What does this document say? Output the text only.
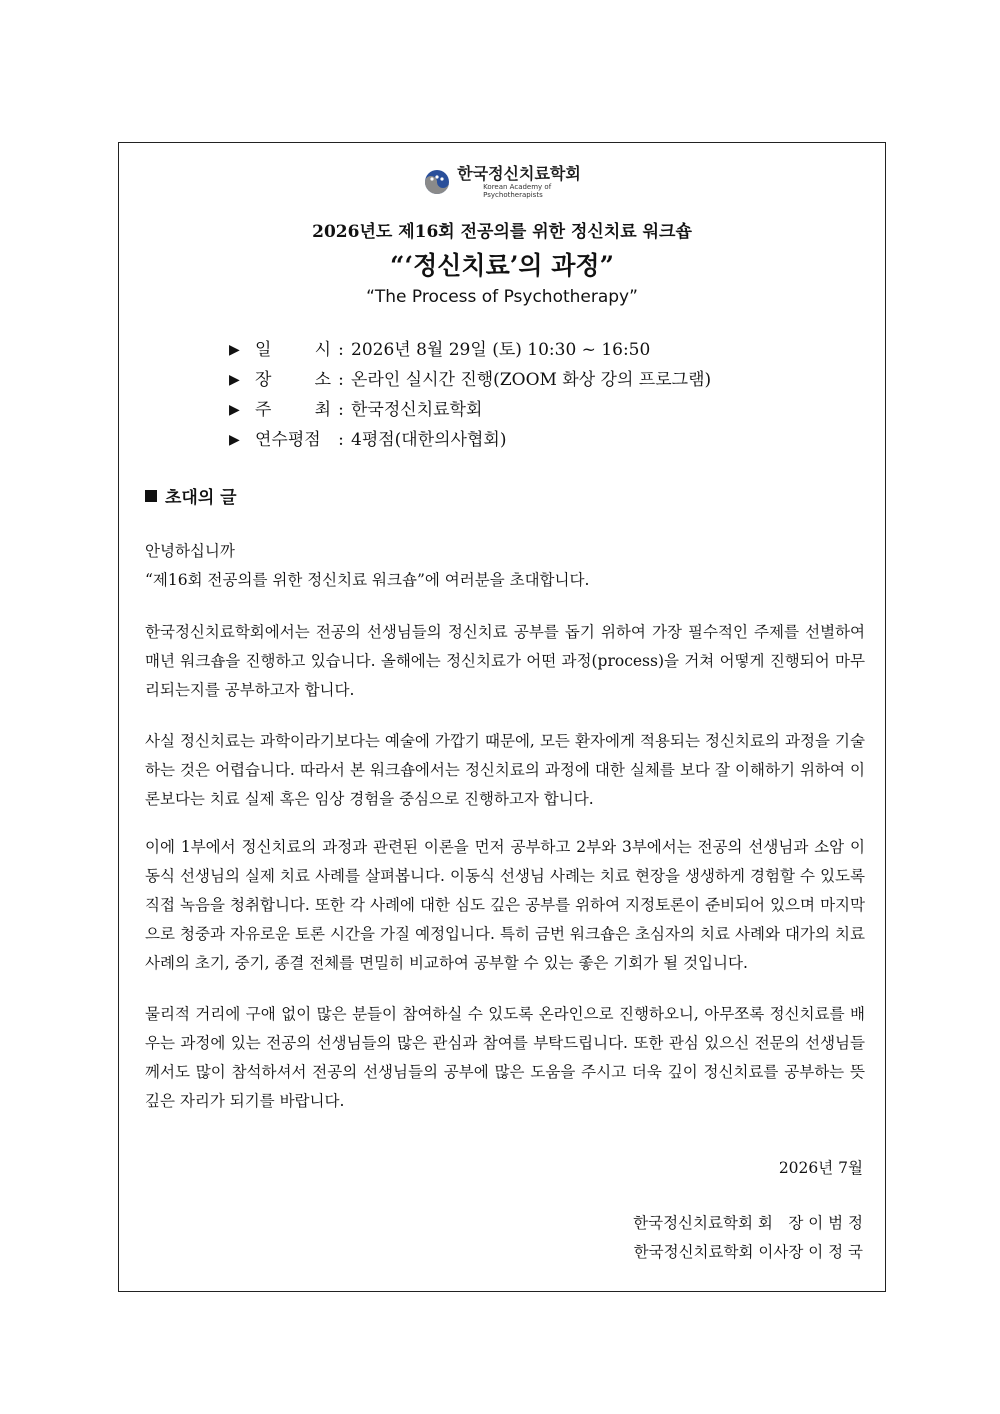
한국정신치료학회
Korean Academy of
Psychotherapists
2026년도 제16회 전공의를 위한 정신치료 워크숍
“‘정신치료’의 과정”
“The Process of Psychotherapy”
▶ 일	시 : 2026년 8월 29일 (토) 10:30 ~ 16:50
▶ 장	소 : 온라인 실시간 진행(ZOOM 화상 강의 프로그램)
▶ 주	최 : 한국정신치료학회
▶ 연수평점	: 4평점(대한의사협회)
초대의 글

안녕하십니까

“제16회 전공의를 위한 정신치료 워크숍”에 여러분을 초대합니다.

한국정신치료학회에서는 전공의 선생님들의 정신치료 공부를 돕기 위하여 가장 필수적인 주제를 선별하여 매년 워크숍을 진행하고 있습니다. 올해에는 정신치료가 어떤 과정(process)을 거쳐 어떻게 진행되어 마무리되는지를 공부하고자 합니다.
사실 정신치료는 과학이라기보다는 예술에 가깝기 때문에, 모든 환자에게 적용되는 정신치료의 과정을 기술하는 것은 어렵습니다. 따라서 본 워크숍에서는 정신치료의 과정에 대한 실체를 보다 잘 이해하기 위하여 이론보다는 치료 실제 혹은 임상 경험을 중심으로 진행하고자 합니다.
이에 1부에서 정신치료의 과정과 관련된 이론을 먼저 공부하고 2부와 3부에서는 전공의 선생님과 소암 이동식 선생님의 실제 치료 사례를 살펴봅니다. 이동식 선생님 사례는 치료 현장을 생생하게 경험할 수 있도록 직접 녹음을 청취합니다. 또한 각 사례에 대한 심도 깊은 공부를 위하여 지정토론이 준비되어 있으며 마지막으로 청중과 자유로운 토론 시간을 가질 예정입니다. 특히 금번 워크숍은 초심자의 치료 사례와 대가의 치료 사례의 초기, 중기, 종결 전체를 면밀히 비교하여 공부할 수 있는 좋은 기회가 될 것입니다.
물리적 거리에 구애 없이 많은 분들이 참여하실 수 있도록 온라인으로 진행하오니, 아무쪼록 정신치료를 배우는 과정에 있는 전공의 선생님들의 많은 관심과 참여를 부탁드립니다. 또한 관심 있으신 전문의 선생님들께서도 많이 참석하셔서 전공의 선생님들의 공부에 많은 도움을 주시고 더욱 깊이 정신치료를 공부하는 뜻깊은 자리가 되기를 바랍니다.
2026년 7월
한국정신치료학회 회　장 이 범 정
한국정신치료학회 이사장 이 정 국
